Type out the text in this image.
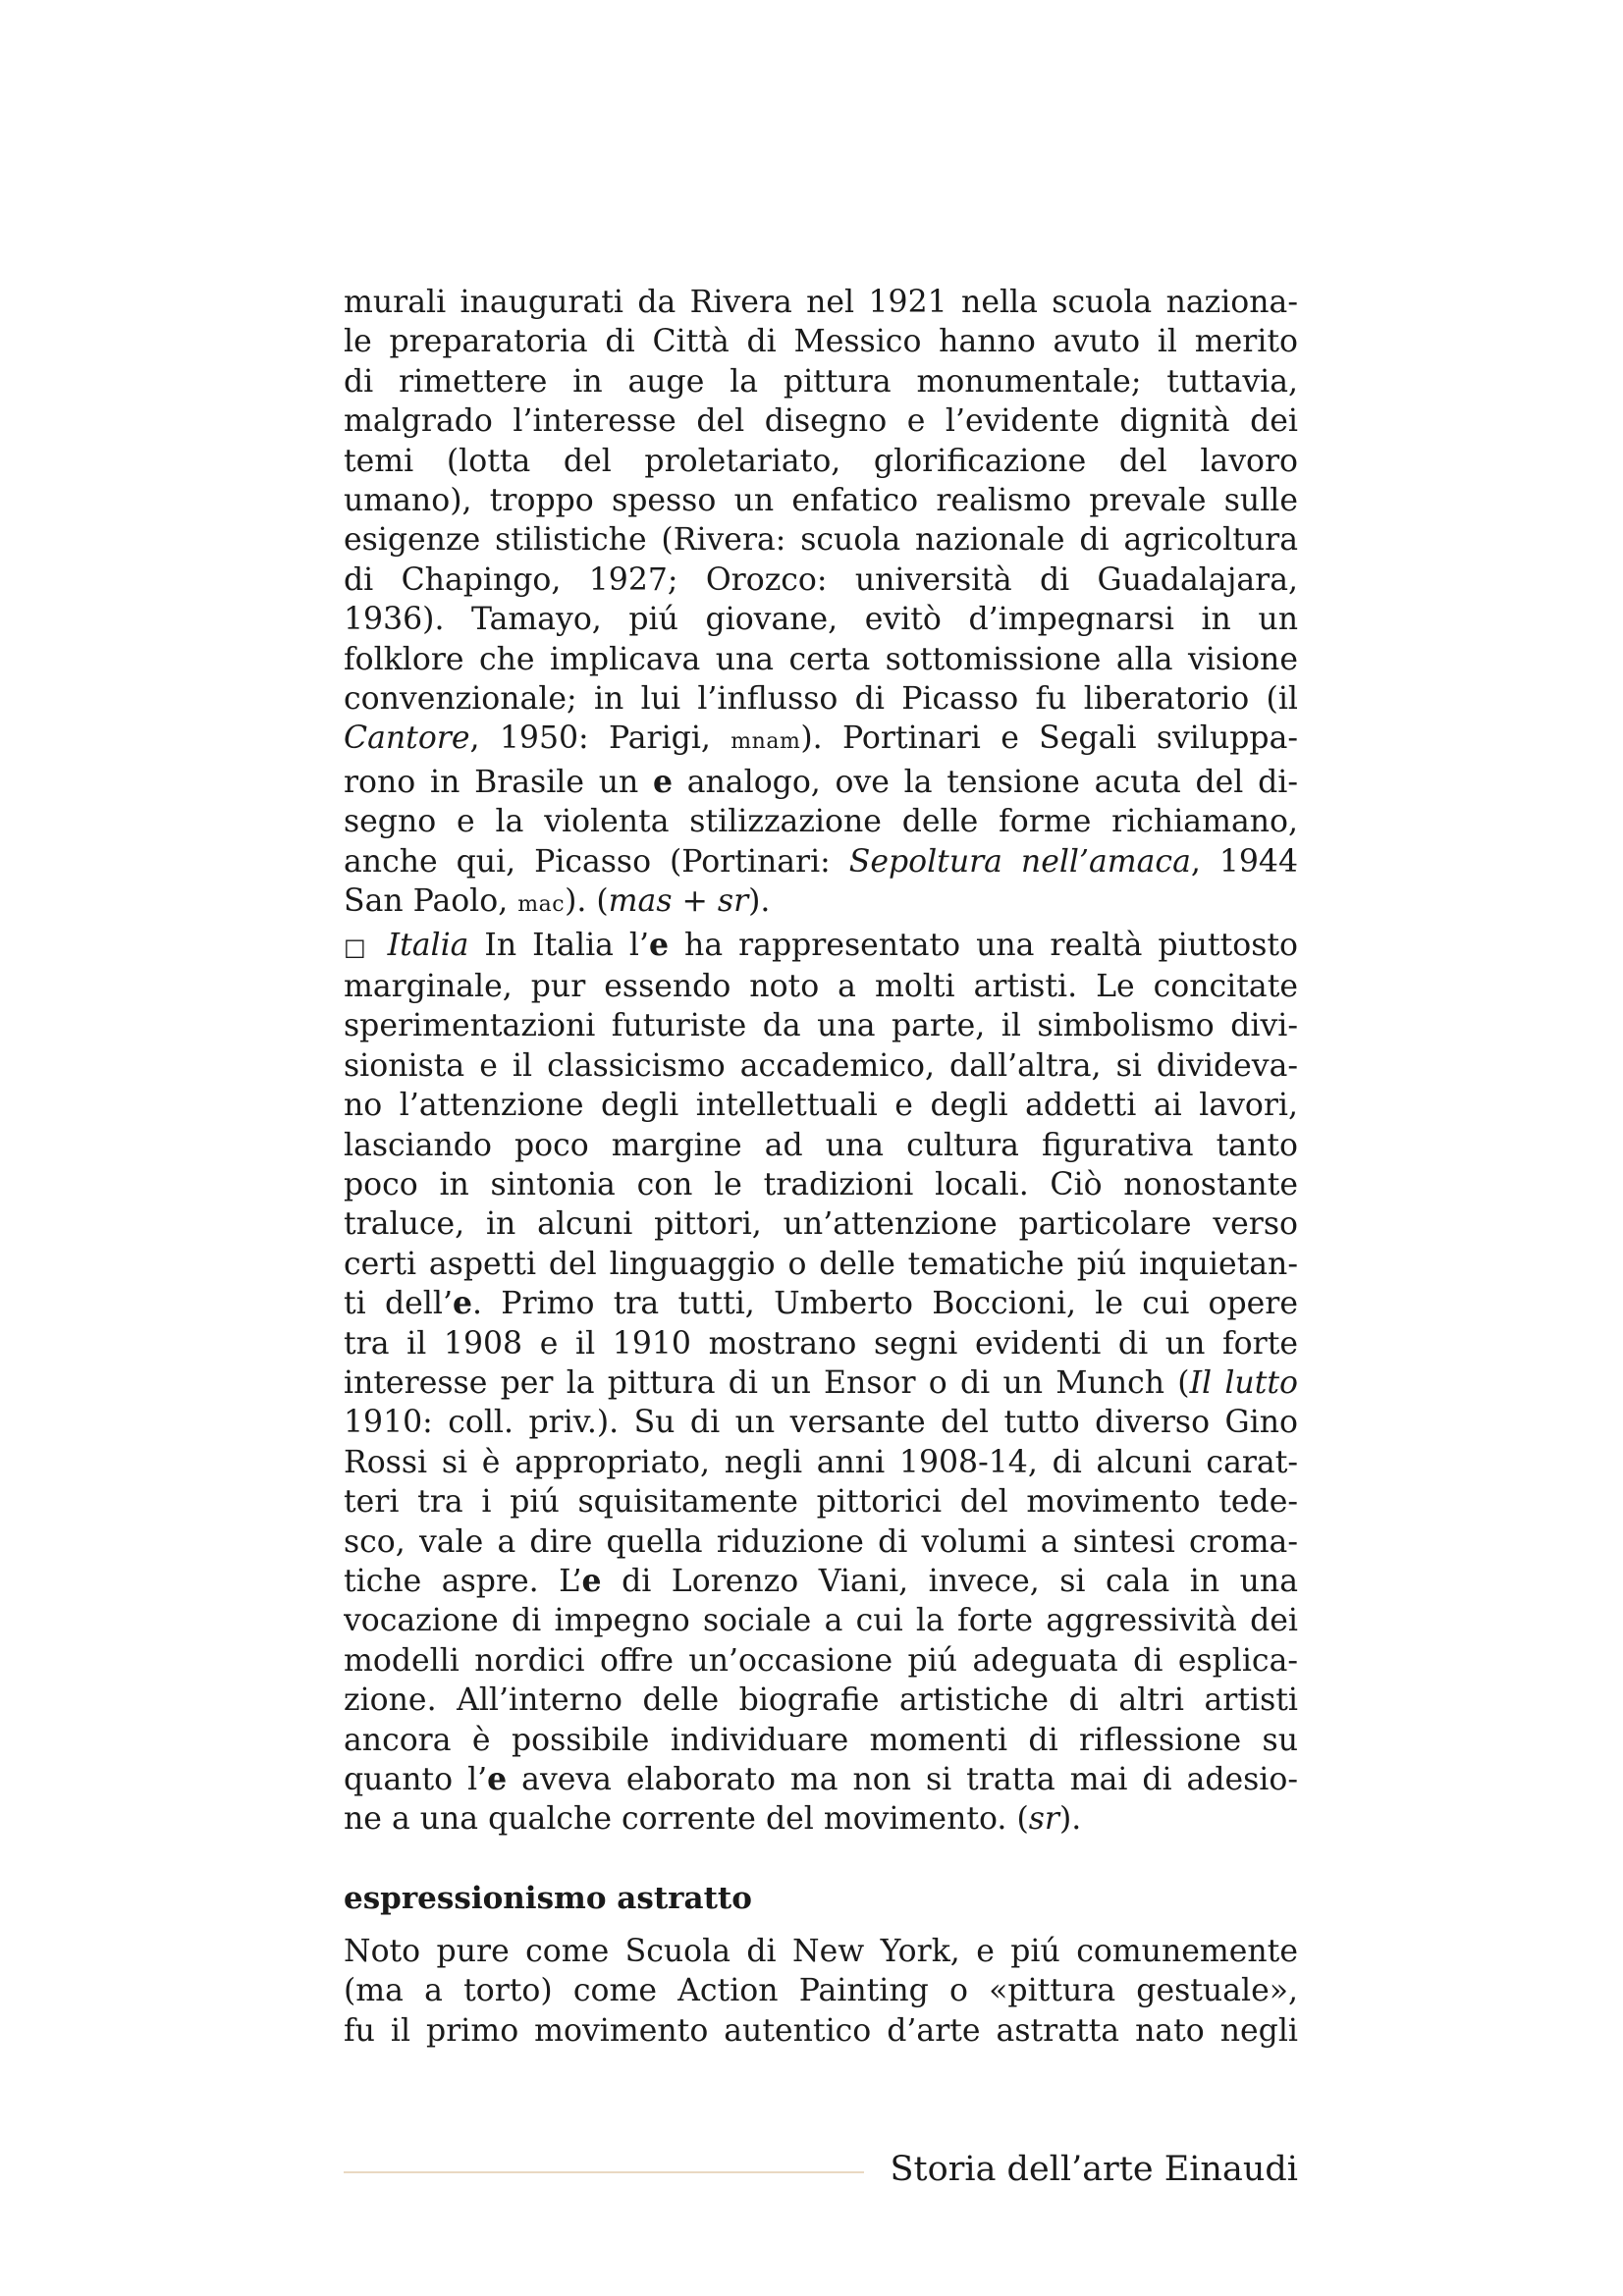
murali inaugurati da Rivera nel 1921 nella scuola naziona-
le preparatoria di Città di Messico hanno avuto il merito
di rimettere in auge la pittura monumentale; tuttavia,
malgrado l’interesse del disegno e l’evidente dignità dei
temi (lotta del proletariato, glorificazione del lavoro
umano), troppo spesso un enfatico realismo prevale sulle
esigenze stilistiche (Rivera: scuola nazionale di agricoltura
di Chapingo, 1927; Orozco: università di Guadalajara,
1936). Tamayo, piú giovane, evitò d’impegnarsi in un
folklore che implicava una certa sottomissione alla visione
convenzionale; in lui l’influsso di Picasso fu liberatorio (il
Cantore, 1950: Parigi, mnam). Portinari e Segali sviluppa-
rono in Brasile un e analogo, ove la tensione acuta del di-
segno e la violenta stilizzazione delle forme richiamano,
anche qui, Picasso (Portinari: Sepoltura nell’amaca, 1944
San Paolo, mac). (mas + sr).
□ Italia In Italia l’e ha rappresentato una realtà piuttosto
marginale, pur essendo noto a molti artisti. Le concitate
sperimentazioni futuriste da una parte, il simbolismo divi-
sionista e il classicismo accademico, dall’altra, si divideva-
no l’attenzione degli intellettuali e degli addetti ai lavori,
lasciando poco margine ad una cultura figurativa tanto
poco in sintonia con le tradizioni locali. Ciò nonostante
traluce, in alcuni pittori, un’attenzione particolare verso
certi aspetti del linguaggio o delle tematiche piú inquietan-
ti dell’e. Primo tra tutti, Umberto Boccioni, le cui opere
tra il 1908 e il 1910 mostrano segni evidenti di un forte
interesse per la pittura di un Ensor o di un Munch (Il lutto
1910: coll. priv.). Su di un versante del tutto diverso Gino
Rossi si è appropriato, negli anni 1908-14, di alcuni carat-
teri tra i piú squisitamente pittorici del movimento tede-
sco, vale a dire quella riduzione di volumi a sintesi croma-
tiche aspre. L’e di Lorenzo Viani, invece, si cala in una
vocazione di impegno sociale a cui la forte aggressività dei
modelli nordici offre un’occasione piú adeguata di esplica-
zione. All’interno delle biografie artistiche di altri artisti
ancora è possibile individuare momenti di riflessione su
quanto l’e aveva elaborato ma non si tratta mai di adesio-
ne a una qualche corrente del movimento. (sr).
espressionismo astratto
Noto pure come Scuola di New York, e piú comunemente
(ma a torto) come Action Painting o «pittura gestuale»,
fu il primo movimento autentico d’arte astratta nato negli
Storia dell’arte Einaudi
